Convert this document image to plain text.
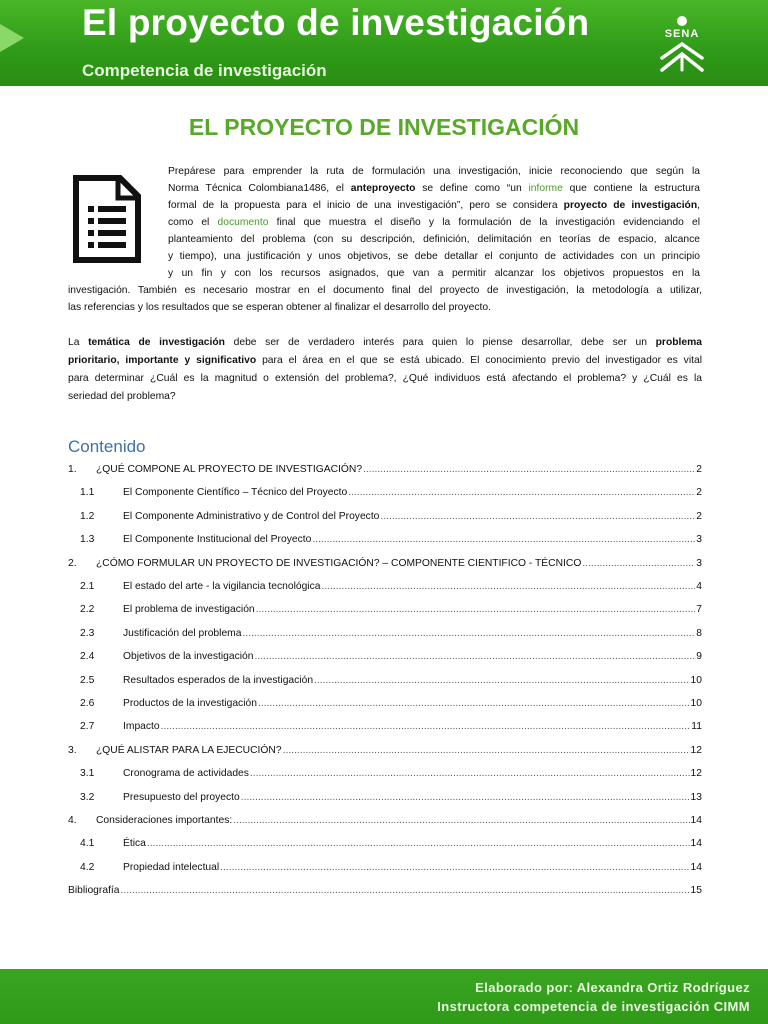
El proyecto de investigación
Competencia de investigación
SENA
EL PROYECTO DE INVESTIGACIÓN
Prepárese para emprender la ruta de formulación una investigación, inicie reconociendo que según la
Norma Técnica Colombiana1486, el anteproyecto se define como “un informe que contiene la estructura
formal de la propuesta para el inicio de una investigación”, pero se considera proyecto de investigación,
como el documento final que muestra el diseño y la formulación de la investigación evidenciando el
planteamiento del problema (con su descripción, definición, delimitación en teorías de espacio, alcance
y tiempo), una justificación y unos objetivos, se debe detallar el conjunto de actividades con un principio
y un fin y con los recursos asignados, que van a permitir alcanzar los objetivos propuestos en la
investigación. También es necesario mostrar en el documento final del proyecto de investigación, la metodología a utilizar,
las referencias y los resultados que se esperan obtener al finalizar el desarrollo del proyecto.
La temática de investigación debe ser de verdadero interés para quien lo piense desarrollar, debe ser un problema
prioritario, importante y significativo para el área en el que se está ubicado. El conocimiento previo del investigador es vital
para determinar ¿Cuál es la magnitud o extensión del problema?, ¿Qué individuos está afectando el problema? y ¿Cuál es la
seriedad del problema?
Contenido
1.	¿QUÉ COMPONE AL PROYECTO DE INVESTIGACIÓN? .....	2
1.1	El Componente Científico – Técnico del Proyecto .....	2
1.2	El Componente Administrativo y de Control del Proyecto .....	2
1.3	El Componente Institucional del Proyecto .....	3
2.	¿CÓMO FORMULAR UN PROYECTO DE INVESTIGACIÓN? – COMPONENTE CIENTIFICO - TÉCNICO .....	3
2.1	El estado del arte - la vigilancia tecnológica .....	4
2.2	El problema de investigación .....	7
2.3	Justificación del problema .....	8
2.4	Objetivos de la investigación .....	9
2.5	Resultados esperados de la investigación .....	10
2.6	Productos de la investigación .....	10
2.7	Impacto .....	11
3.	¿QUÉ ALISTAR PARA LA EJECUCIÓN? .....	12
3.1	Cronograma de actividades .....	12
3.2	Presupuesto del proyecto .....	13
4.	Consideraciones importantes: .....	14
4.1	Ética .....	14
4.2	Propiedad intelectual .....	14
Bibliografía .....	15
Elaborado por: Alexandra Ortiz Rodríguez
Instructora competencia de investigación CIMM
